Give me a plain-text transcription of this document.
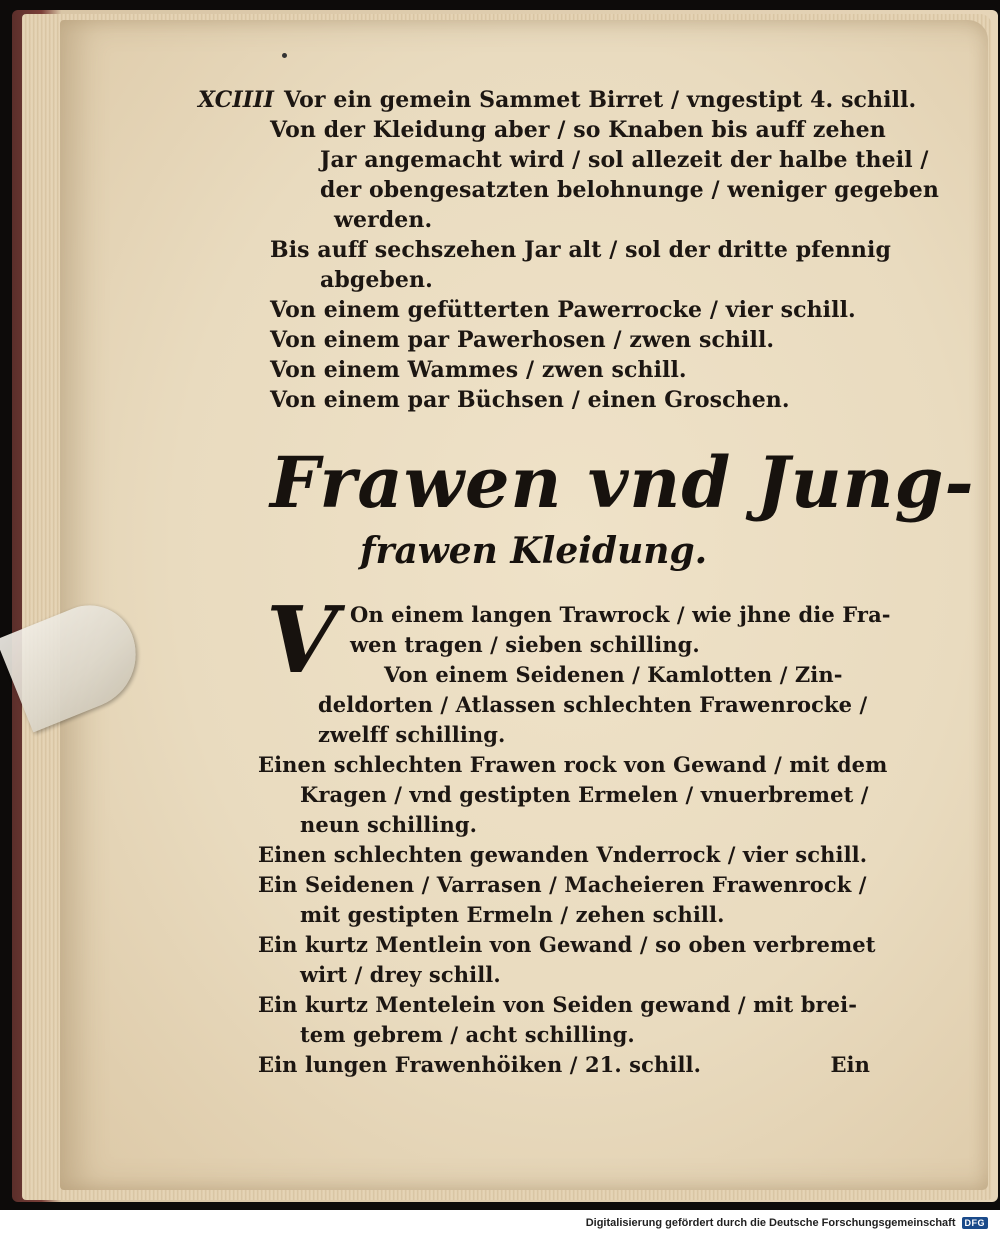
XCIIII Vor ein gemein Sammet Birret / vngestipt 4. schill.
Von der Kleidung aber / so Knaben bis auff zehen
Jar angemacht wird / sol allezeit der halbe theil /
der obengesatzten belohnunge / weniger gegeben
werden.
Bis auff sechszehen Jar alt / sol der dritte pfennig
abgeben.
Von einem gefütterten Pawerrocke / vier schill.
Von einem par Pawerhosen / zwen schill.
Von einem Wammes / zwen schill.
Von einem par Büchsen / einen Groschen.
Frawen vnd Jung-
frawen Kleidung.
V On einem langen Trawrock / wie jhne die Fra-
wen tragen / sieben schilling.
Von einem Seidenen / Kamlotten / Zin-
deldorten / Atlassen schlechten Frawenrocke /
zwelff schilling.
Einen schlechten Frawen rock von Gewand / mit dem
Kragen / vnd gestipten Ermelen / vnuerbremet /
neun schilling.
Einen schlechten gewanden Vnderrock / vier schill.
Ein Seidenen / Varrasen / Macheieren Frawenrock /
mit gestipten Ermeln / zehen schill.
Ein kurtz Mentlein von Gewand / so oben verbremet
wirt / drey schill.
Ein kurtz Mentelein von Seiden gewand / mit brei-
tem gebrem / acht schilling.
Ein lungen Frawenhöiken / 21. schill.	Ein
Digitalisierung gefördert durch die Deutsche Forschungsgemeinschaft	DFG
